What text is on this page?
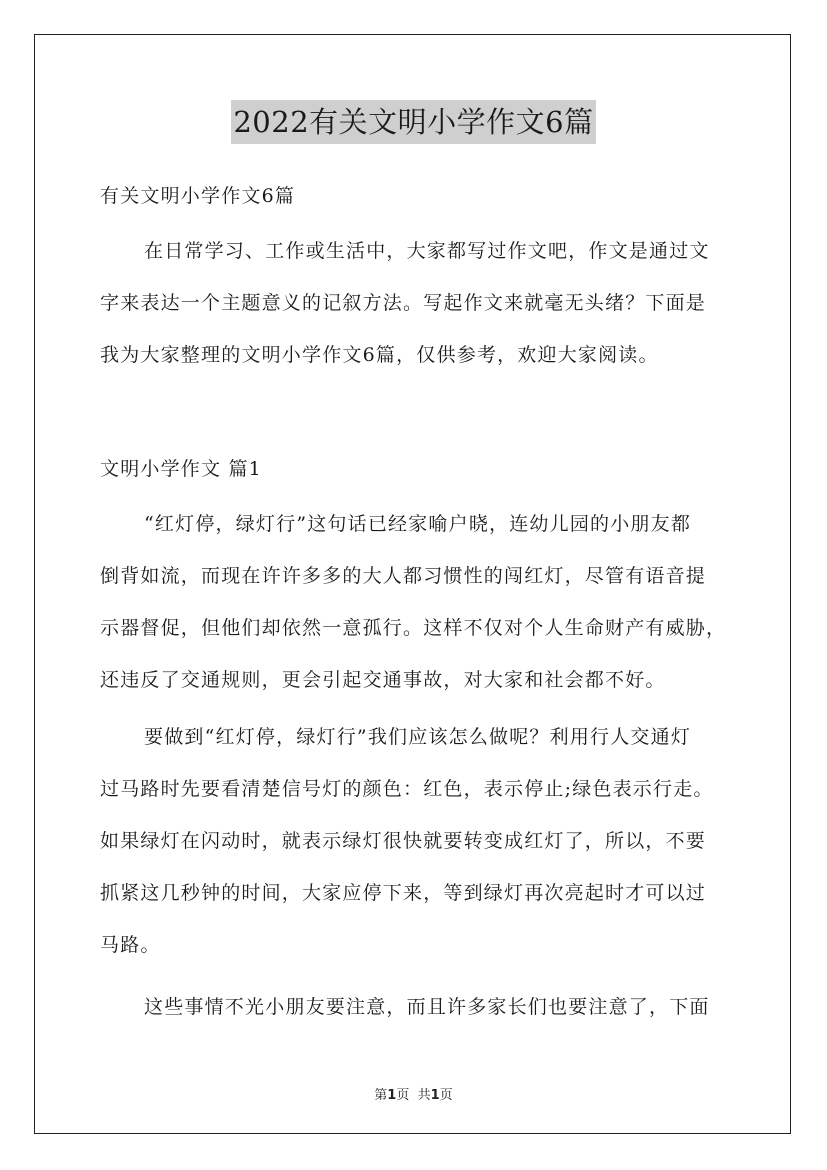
2022有关文明小学作文6篇
有关文明小学作文6篇
在日常学习、工作或生活中，大家都写过作文吧，作文是通过文
字来表达一个主题意义的记叙方法。写起作文来就毫无头绪？下面是
我为大家整理的文明小学作文6篇，仅供参考，欢迎大家阅读。
文明小学作文 篇1
“红灯停，绿灯行”这句话已经家喻户晓，连幼儿园的小朋友都
倒背如流，而现在许许多多的大人都习惯性的闯红灯，尽管有语音提
示器督促，但他们却依然一意孤行。这样不仅对个人生命财产有威胁，
还违反了交通规则，更会引起交通事故，对大家和社会都不好。
要做到“红灯停，绿灯行”我们应该怎么做呢？利用行人交通灯
过马路时先要看清楚信号灯的颜色：红色，表示停止;绿色表示行走。
如果绿灯在闪动时，就表示绿灯很快就要转变成红灯了，所以，不要
抓紧这几秒钟的时间，大家应停下来，等到绿灯再次亮起时才可以过
马路。
这些事情不光小朋友要注意，而且许多家长们也要注意了，下面
第1页 共1页
